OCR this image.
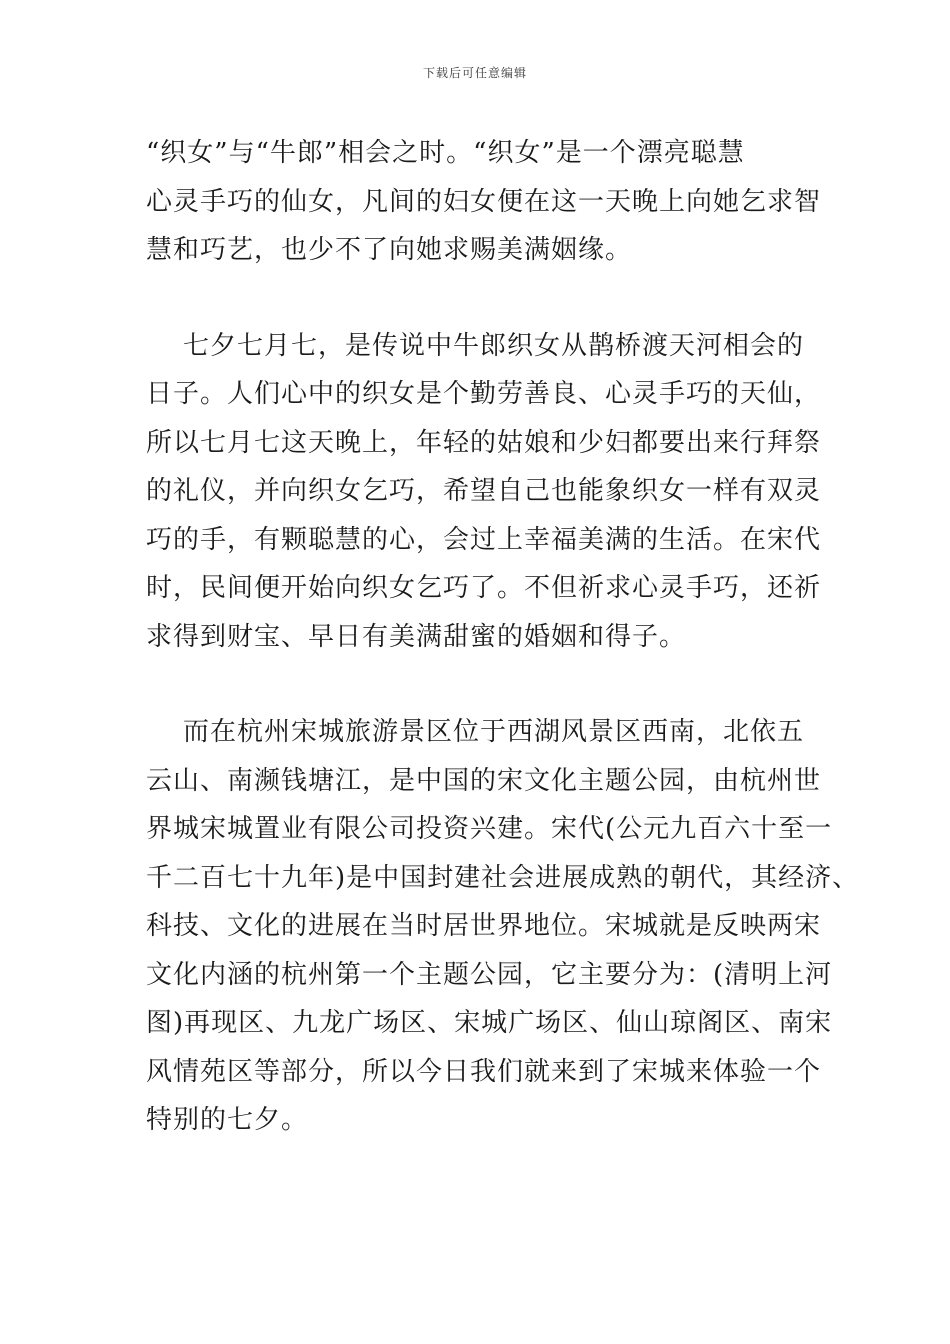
下载后可任意编辑
“织女”与“牛郎”相会之时。“织女”是一个漂亮聪慧
心灵手巧的仙女，凡间的妇女便在这一天晚上向她乞求智
慧和巧艺，也少不了向她求赐美满姻缘。
七夕七月七，是传说中牛郎织女从鹊桥渡天河相会的
日子。人们心中的织女是个勤劳善良、心灵手巧的天仙，
所以七月七这天晚上，年轻的姑娘和少妇都要出来行拜祭
的礼仪，并向织女乞巧，希望自己也能象织女一样有双灵
巧的手，有颗聪慧的心，会过上幸福美满的生活。在宋代
时，民间便开始向织女乞巧了。不但祈求心灵手巧，还祈
求得到财宝、早日有美满甜蜜的婚姻和得子。
而在杭州宋城旅游景区位于西湖风景区西南，北依五
云山、南濒钱塘江，是中国的宋文化主题公园，由杭州世
界城宋城置业有限公司投资兴建。宋代(公元九百六十至一
千二百七十九年)是中国封建社会进展成熟的朝代，其经济、
科技、文化的进展在当时居世界地位。宋城就是反映两宋
文化内涵的杭州第一个主题公园，它主要分为：(清明上河
图)再现区、九龙广场区、宋城广场区、仙山琼阁区、南宋
风情苑区等部分，所以今日我们就来到了宋城来体验一个
特别的七夕。
